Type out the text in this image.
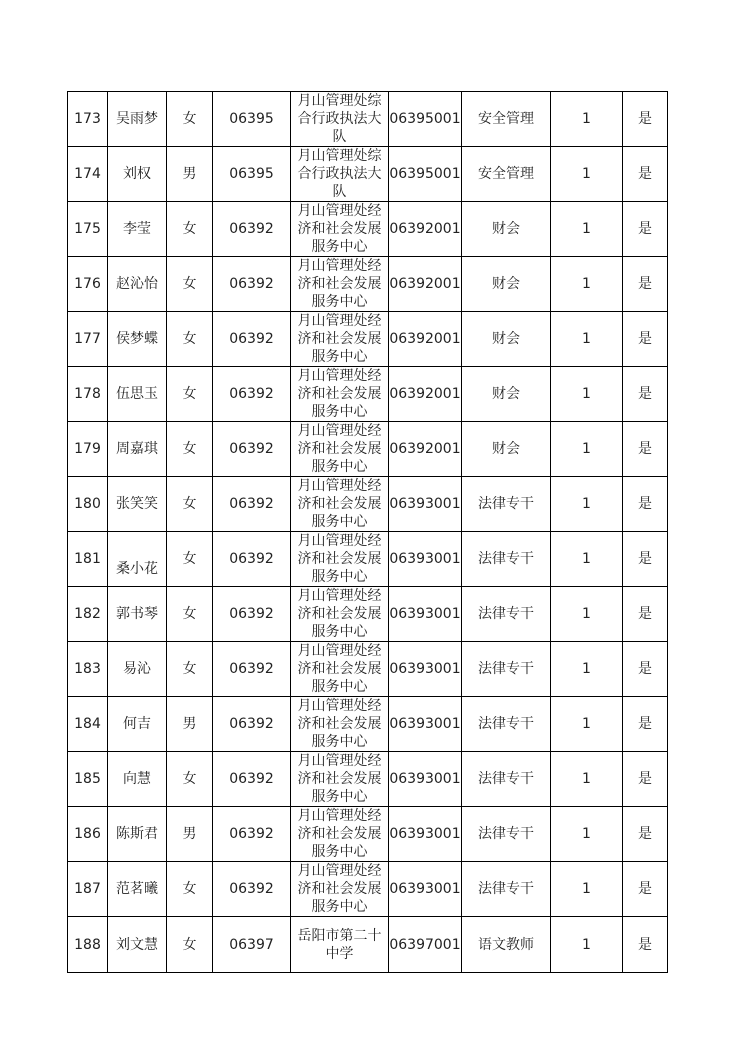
173	吴雨梦	女	06395	月山管理处综
合行政执法大
队	06395001	安全管理	1	是
174	刘权	男	06395	月山管理处综
合行政执法大
队	06395001	安全管理	1	是
175	李莹	女	06392	月山管理处经
济和社会发展
服务中心	06392001	财会	1	是
176	赵沁怡	女	06392	月山管理处经
济和社会发展
服务中心	06392001	财会	1	是
177	侯梦蝶	女	06392	月山管理处经
济和社会发展
服务中心	06392001	财会	1	是
178	伍思玉	女	06392	月山管理处经
济和社会发展
服务中心	06392001	财会	1	是
179	周嘉琪	女	06392	月山管理处经
济和社会发展
服务中心	06392001	财会	1	是
180	张笑笑	女	06392	月山管理处经
济和社会发展
服务中心	06393001	法律专干	1	是
181	桑小花	女	06392	月山管理处经
济和社会发展
服务中心	06393001	法律专干	1	是
182	郭书琴	女	06392	月山管理处经
济和社会发展
服务中心	06393001	法律专干	1	是
183	易沁	女	06392	月山管理处经
济和社会发展
服务中心	06393001	法律专干	1	是
184	何吉	男	06392	月山管理处经
济和社会发展
服务中心	06393001	法律专干	1	是
185	向慧	女	06392	月山管理处经
济和社会发展
服务中心	06393001	法律专干	1	是
186	陈斯君	男	06392	月山管理处经
济和社会发展
服务中心	06393001	法律专干	1	是
187	范茗曦	女	06392	月山管理处经
济和社会发展
服务中心	06393001	法律专干	1	是
188	刘文慧	女	06397	岳阳市第二十
中学	06397001	语文教师	1	是
